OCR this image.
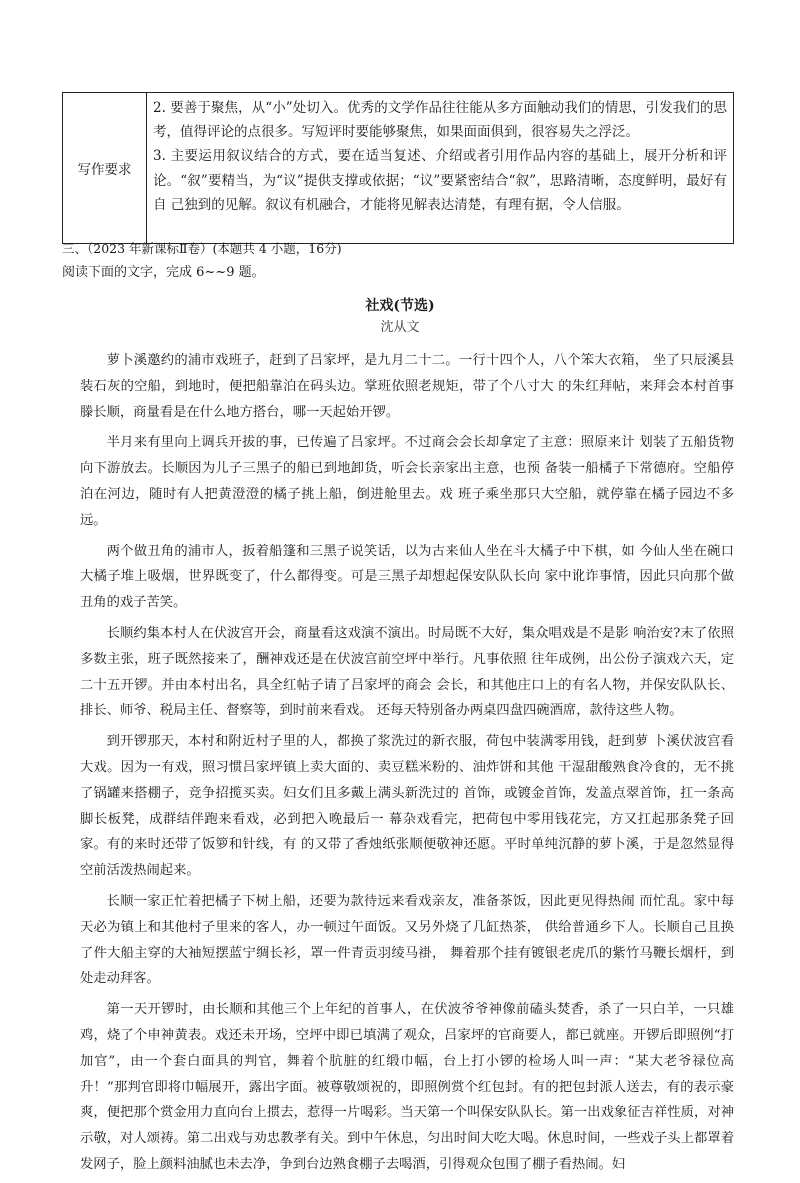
写作要求

2. 要善于聚焦，从“小”处切入。优秀的文学作品往往能从多方面触动我们的情思，引发我们的思考，值得评论的点很多。写短评时要能够聚焦，如果面面俱到，很容易失之浮泛。

3. 主要运用叙议结合的方式，要在适当复述、介绍或者引用作品内容的基础上，展开分析和评论。“叙”要精当，为“议”提供支撑或依据；“议”要紧密结合“叙”，思路清晰，态度鲜明，最好有自 己独到的见解。叙议有机融合，才能将见解表达清楚，有理有据，令人信服。

三、（2023 年新课标Ⅱ卷）(本题共 4 小题，16分)
阅读下面的文字，完成 6~~9 题。
社戏(节选)
沈从文

萝卜溪邀约的浦市戏班子，赶到了吕家坪，是九月二十二。一行十四个人，八个笨大衣箱， 坐了只辰溪县装石灰的空船，到地时，便把船靠泊在码头边。掌班依照老规矩，带了个八寸大 的朱红拜帖，来拜会本村首事滕长顺，商量看是在什么地方搭台，哪一天起始开锣。

半月来有里向上调兵开拔的事，已传遍了吕家坪。不过商会会长却拿定了主意：照原来计 划装了五船货物向下游放去。长顺因为儿子三黑子的船已到地卸货，听会长亲家出主意，也预 备装一船橘子下常德府。空船停泊在河边，随时有人把黄澄澄的橘子挑上船，倒进舱里去。戏 班子乘坐那只大空船，就停靠在橘子园边不多远。

两个做丑角的浦市人，扳着船篷和三黑子说笑话，以为古来仙人坐在斗大橘子中下棋，如 今仙人坐在碗口大橘子堆上吸烟，世界既变了，什么都得变。可是三黑子却想起保安队队长向 家中讹诈事情，因此只向那个做丑角的戏子苦笑。

长顺约集本村人在伏波宫开会，商量看这戏演不演出。时局既不大好，集众唱戏是不是影 响治安?末了依照多数主张，班子既然接来了，酬神戏还是在伏波宫前空坪中举行。凡事依照 往年成例，出公份子演戏六天，定二十五开锣。并由本村出名，具全红帖子请了吕家坪的商会 会长，和其他庄口上的有名人物，并保安队队长、排长、师爷、税局主任、督察等，到时前来看戏。 还每天特别备办两桌四盘四碗酒席，款待这些人物。

到开锣那天，本村和附近村子里的人，都换了浆洗过的新衣服，荷包中装满零用钱，赶到萝 卜溪伏波宫看大戏。因为一有戏，照习惯吕家坪镇上卖大面的、卖豆糕米粉的、油炸饼和其他 干湿甜酸熟食冷食的，无不挑了锅罐来搭棚子，竞争招揽买卖。妇女们且多戴上满头新洗过的 首饰，或镀金首饰，发盖点翠首饰，扛一条高脚长板凳，成群结伴跑来看戏，必到把入晚最后一 幕杂戏看完，把荷包中零用钱花完，方又扛起那条凳子回家。有的来时还带了饭箩和针线，有 的又带了香烛纸张顺便敬神还愿。平时单纯沉静的萝卜溪，于是忽然显得空前活泼热闹起来。

长顺一家正忙着把橘子下树上船，还要为款待远来看戏亲友，准备茶饭，因此更见得热闹 而忙乱。家中每天必为镇上和其他村子里来的客人，办一顿过午面饭。又另外烧了几缸热茶， 供给普通乡下人。长顺自己且换了件大船主穿的大袖短摆蓝宁绸长衫，罩一件青贡羽绫马褂， 舞着那个挂有镀银老虎爪的紫竹马鞭长烟杆，到处走动拜客。

第一天开锣时，由长顺和其他三个上年纪的首事人，在伏波爷爷神像前磕头焚香，杀了一只白羊，一只雄鸡，烧了个申神黄表。戏还未开场，空坪中即已填满了观众，吕家坪的官商要人，都已就座。开锣后即照例“打加官”，由一个套白面具的判官，舞着个肮脏的红缎巾幅，台上打小锣的检场人叫一声：“某大老爷禄位高升！”那判官即将巾幅展开，露出字面。被尊敬颂祝的，即照例赏个红包封。有的把包封派人送去，有的表示豪爽，便把那个赏金用力直向台上掼去，惹得一片喝彩。当天第一个叫保安队队长。第一出戏象征吉祥性质，对神示敬，对人颂祷。第二出戏与劝忠教孝有关。到中午休息，匀出时间大吃大喝。休息时间，一些戏子头上都罩着发网子，脸上颜料油腻也未去净，争到台边熟食棚子去喝酒，引得观众包围了棚子看热闹。妇
